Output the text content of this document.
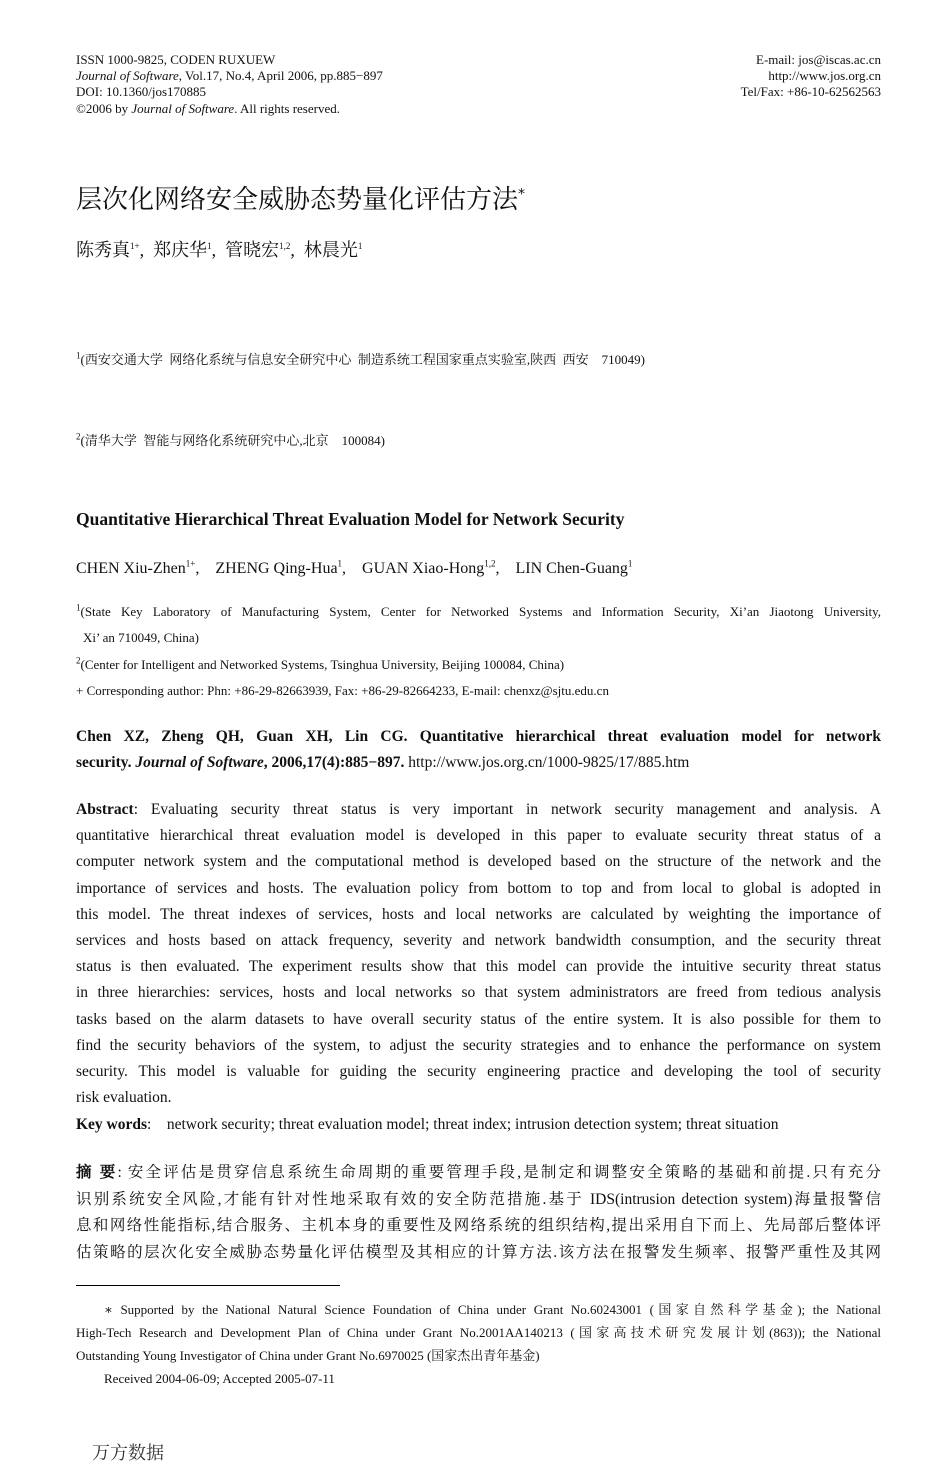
ISSN 1000-9825, CODEN RUXUEW
Journal of Software, Vol.17, No.4, April 2006, pp.885−897
DOI: 10.1360/jos170885
©2006 by Journal of Software. All rights reserved.
E-mail: jos@iscas.ac.cn
http://www.jos.org.cn
Tel/Fax: +86-10-62562563
层次化网络安全威胁态势量化评估方法*
陈秀真$^{1+}$,  郑庆华$^1$,  管晓宏$^{1,2}$,  林晨光$^1$

$^1$(西安交通大学  网络化系统与信息安全研究中心  制造系统工程国家重点实验室,陕西  西安    710049)

$^2$(清华大学  智能与网络化系统研究中心,北京    100084)

Quantitative Hierarchical Threat Evaluation Model for Network Security
CHEN Xiu-Zhen$^{1+}$,    ZHENG Qing-Hua$^1$,    GUAN Xiao-Hong$^{1,2}$,    LIN Chen-Guang$^1$
$^1$(State Key Laboratory of Manufacturing System, Center for Networked Systems and Information Security, Xi’an Jiaotong University,
Xi’ an 710049, China)
$^2$(Center for Intelligent and Networked Systems, Tsinghua University, Beijing 100084, China)
+ Corresponding author: Phn: +86-29-82663939, Fax: +86-29-82664233, E-mail: chenxz@sjtu.edu.cn
Chen XZ, Zheng QH, Guan XH, Lin CG. Quantitative hierarchical threat evaluation model for network
security. Journal of Software, 2006,17(4):885−897. http://www.jos.org.cn/1000-9825/17/885.htm
Abstract: Evaluating security threat status is very important in network security management and analysis. A
quantitative hierarchical threat evaluation model is developed in this paper to evaluate security threat status of a
computer network system and the computational method is developed based on the structure of the network and the
importance of services and hosts. The evaluation policy from bottom to top and from local to global is adopted in
this model. The threat indexes of services, hosts and local networks are calculated by weighting the importance of
services and hosts based on attack frequency, severity and network bandwidth consumption, and the security threat
status is then evaluated. The experiment results show that this model can provide the intuitive security threat status
in three hierarchies: services, hosts and local networks so that system administrators are freed from tedious analysis
tasks based on the alarm datasets to have overall security status of the entire system. It is also possible for them to
find the security behaviors of the system, to adjust the security strategies and to enhance the performance on system
security. This model is valuable for guiding the security engineering practice and developing the tool of security
risk evaluation.
Key words:    network security; threat evaluation model; threat index; intrusion detection system; threat situation
摘 要: 安全评估是贯穿信息系统生命周期的重要管理手段,是制定和调整安全策略的基础和前提.只有充分
识别系统安全风险,才能有针对性地采取有效的安全防范措施.基于 IDS(intrusion detection system)海量报警信
息和网络性能指标,结合服务、主机本身的重要性及网络系统的组织结构,提出采用自下而上、先局部后整体评
估策略的层次化安全威胁态势量化评估模型及其相应的计算方法.该方法在报警发生频率、报警严重性及其网
∗ Supported by the National Natural Science Foundation of China under Grant No.60243001 (国家自然科学基金); the National
High-Tech Research and Development Plan of China under Grant No.2001AA140213 (国家高技术研究发展计划(863)); the National
Outstanding Young Investigator of China under Grant No.6970025 (国家杰出青年基金)
Received 2004-06-09; Accepted 2005-07-11
万方数据
